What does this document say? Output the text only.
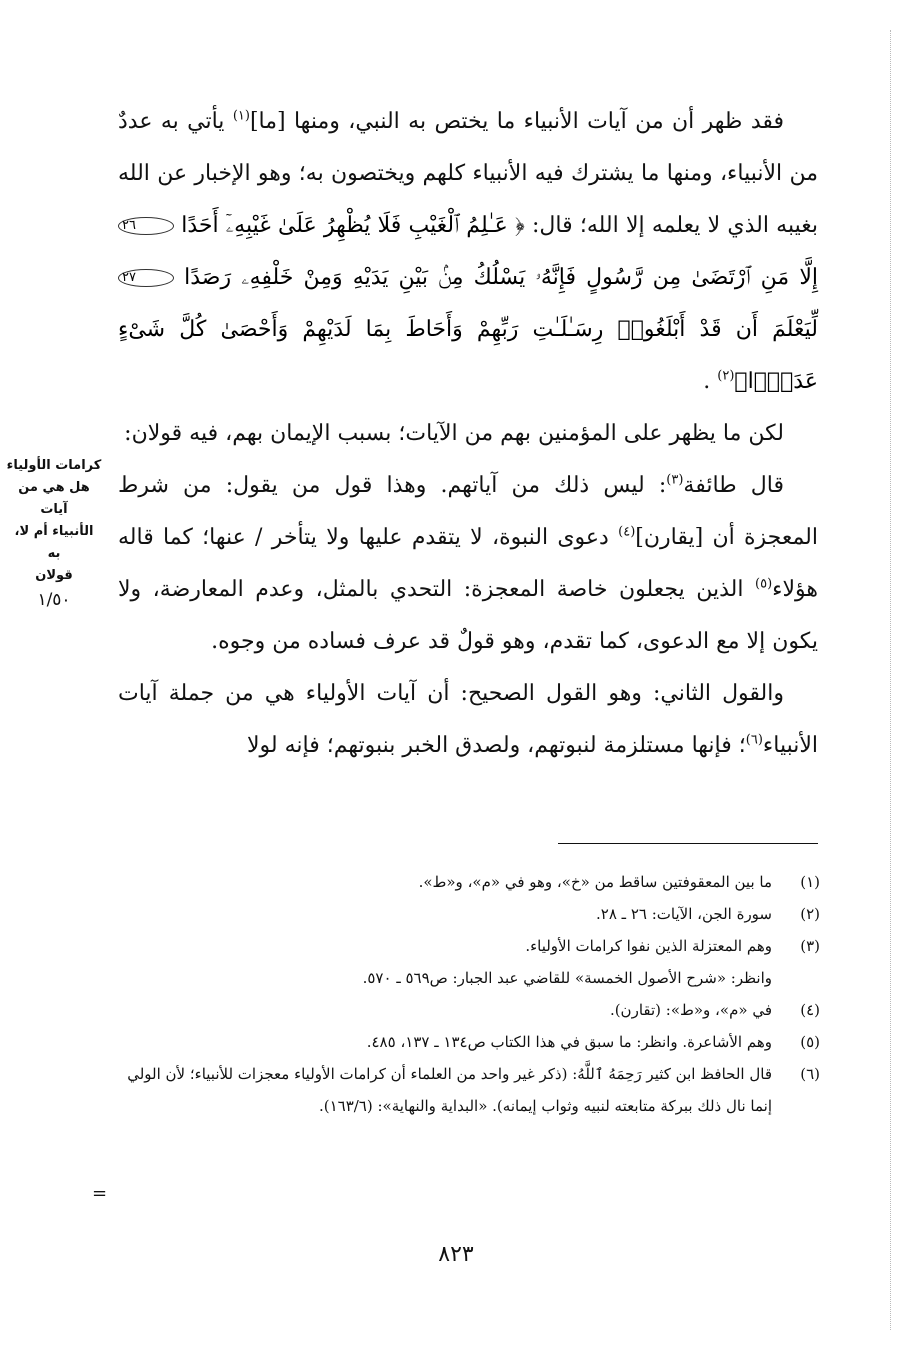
فقد ظهر أن من آيات الأنبياء ما يختص به النبي، ومنها [ما]$^{(١)}$ يأتي به عددٌ من الأنبياء، ومنها ما يشترك فيه الأنبياء كلهم ويختصون به؛ وهو الإخبار عن الله بغيبه الذي لا يعلمه إلا الله؛ قال: ﴿ عَـٰلِمُ ٱلْغَيْبِ فَلَا يُظْهِرُ عَلَىٰ غَيْبِهِۦٓ أَحَدًا ٢٦ إِلَّا مَنِ ٱرْتَضَىٰ مِن رَّسُولٍ فَإِنَّهُۥ يَسْلُكُ مِنۢ بَيْنِ يَدَيْهِ وَمِنْ خَلْفِهِۦ رَصَدًا ٢٧ لِّيَعْلَمَ أَن قَدْ أَبْلَغُوا۟ رِسَـٰلَـٰتِ رَبِّهِمْ وَأَحَاطَ بِمَا لَدَيْهِمْ وَأَحْصَىٰ كُلَّ شَىْءٍ عَدَدًۢا﴾$^{(٢)}$ .

لكن ما يظهر على المؤمنين بهم من الآيات؛ بسبب الإيمان بهم، فيه قولان:

قال طائفة$^{(٣)}$: ليس ذلك من آياتهم. وهذا قول من يقول: من شرط المعجزة أن [يقارن]$^{(٤)}$ دعوى النبوة، لا يتقدم عليها ولا يتأخر / عنها؛ كما قاله هؤلاء$^{(٥)}$ الذين يجعلون خاصة المعجزة: التحدي بالمثل، وعدم المعارضة، ولا يكون إلا مع الدعوى، كما تقدم، وهو قولٌ قد عرف فساده من وجوه.

والقول الثاني: وهو القول الصحيح: أن آيات الأولياء هي من جملة آيات الأنبياء$^{(٦)}$؛ فإنها مستلزمة لنبوتهم، ولصدق الخبر بنبوتهم؛ فإنه لولا

كرامات الأولياء
هل هي من آيات
الأنبياء أم لا، به
قولان
١/٥٠
(١)
ما بين المعقوفتين ساقط من «خ»، وهو في «م»، و«ط».
(٢)
سورة الجن، الآيات: ٢٦ ـ ٢٨.
(٣)
وهم المعتزلة الذين نفوا كرامات الأولياء.
وانظر: «شرح الأصول الخمسة» للقاضي عبد الجبار: ص٥٦٩ ـ ٥٧٠.
(٤)
في «م»، و«ط»: (تقارن).
(٥)
وهم الأشاعرة. وانظر: ما سبق في هذا الكتاب ص١٣٤ ـ ١٣٧، ٤٨٥.
(٦)
قال الحافظ ابن كثير رَحِمَهُ ٱللَّهُ: (ذكر غير واحد من العلماء أن كرامات الأولياء معجزات للأنبياء؛ لأن الولي إنما نال ذلك ببركة متابعته لنبيه وثواب إيمانه). «البداية والنهاية»: (١٦٣/٦).
=
٨٢٣
